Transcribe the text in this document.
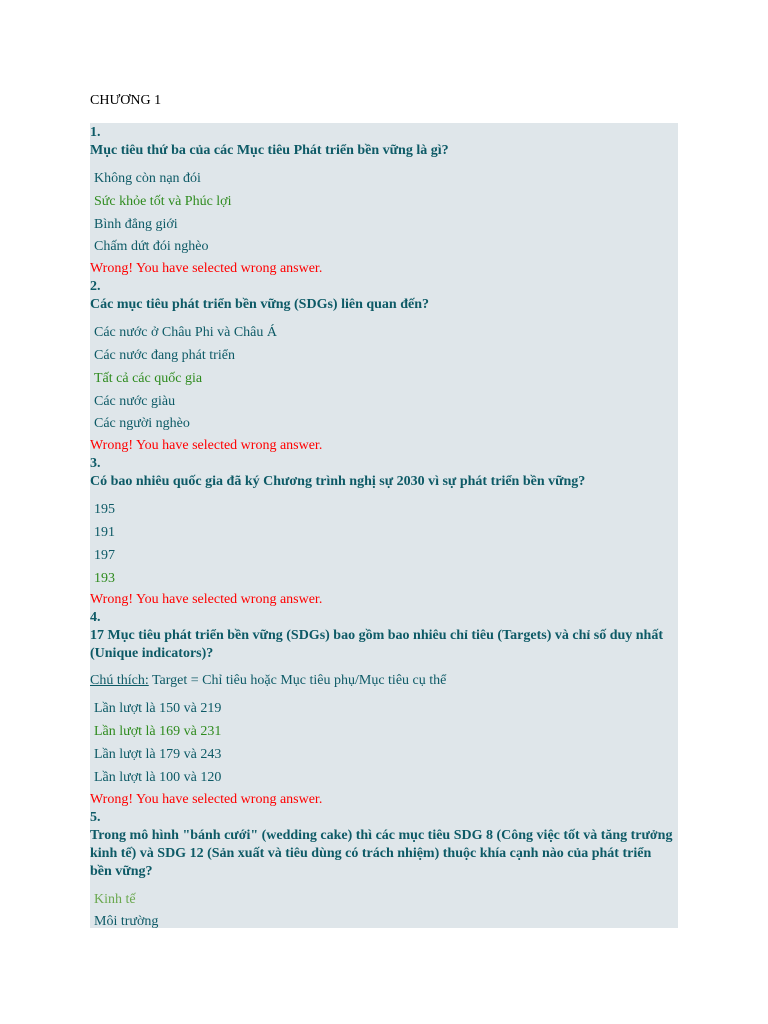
CHƯƠNG 1
1.
Mục tiêu thứ ba của các Mục tiêu Phát triển bền vững là gì?
Không còn nạn đói
Sức khỏe tốt và Phúc lợi
Bình đẳng giới
Chấm dứt đói nghèo
Wrong! You have selected wrong answer.
2.
Các mục tiêu phát triển bền vững (SDGs) liên quan đến?
Các nước ở Châu Phi và Châu Á
Các nước đang phát triển
Tất cả các quốc gia
Các nước giàu
Các người nghèo
Wrong! You have selected wrong answer.
3.
Có bao nhiêu quốc gia đã ký Chương trình nghị sự 2030 vì sự phát triển bền vững?
195
191
197
193
Wrong! You have selected wrong answer.
4.
17 Mục tiêu phát triển bền vững (SDGs) bao gồm bao nhiêu chỉ tiêu (Targets) và chỉ số duy nhất (Unique indicators)?
Chú thích: Target = Chỉ tiêu hoặc Mục tiêu phụ/Mục tiêu cụ thể
Lần lượt là 150 và 219
Lần lượt là 169 và 231
Lần lượt là 179 và 243
Lần lượt là 100 và 120
Wrong! You have selected wrong answer.
5.
Trong mô hình "bánh cưới" (wedding cake) thì các mục tiêu SDG 8 (Công việc tốt và tăng trưởng kinh tế) và SDG 12 (Sản xuất và tiêu dùng có trách nhiệm) thuộc khía cạnh nào của phát triển bền vững?
Kinh tế
Môi trường
